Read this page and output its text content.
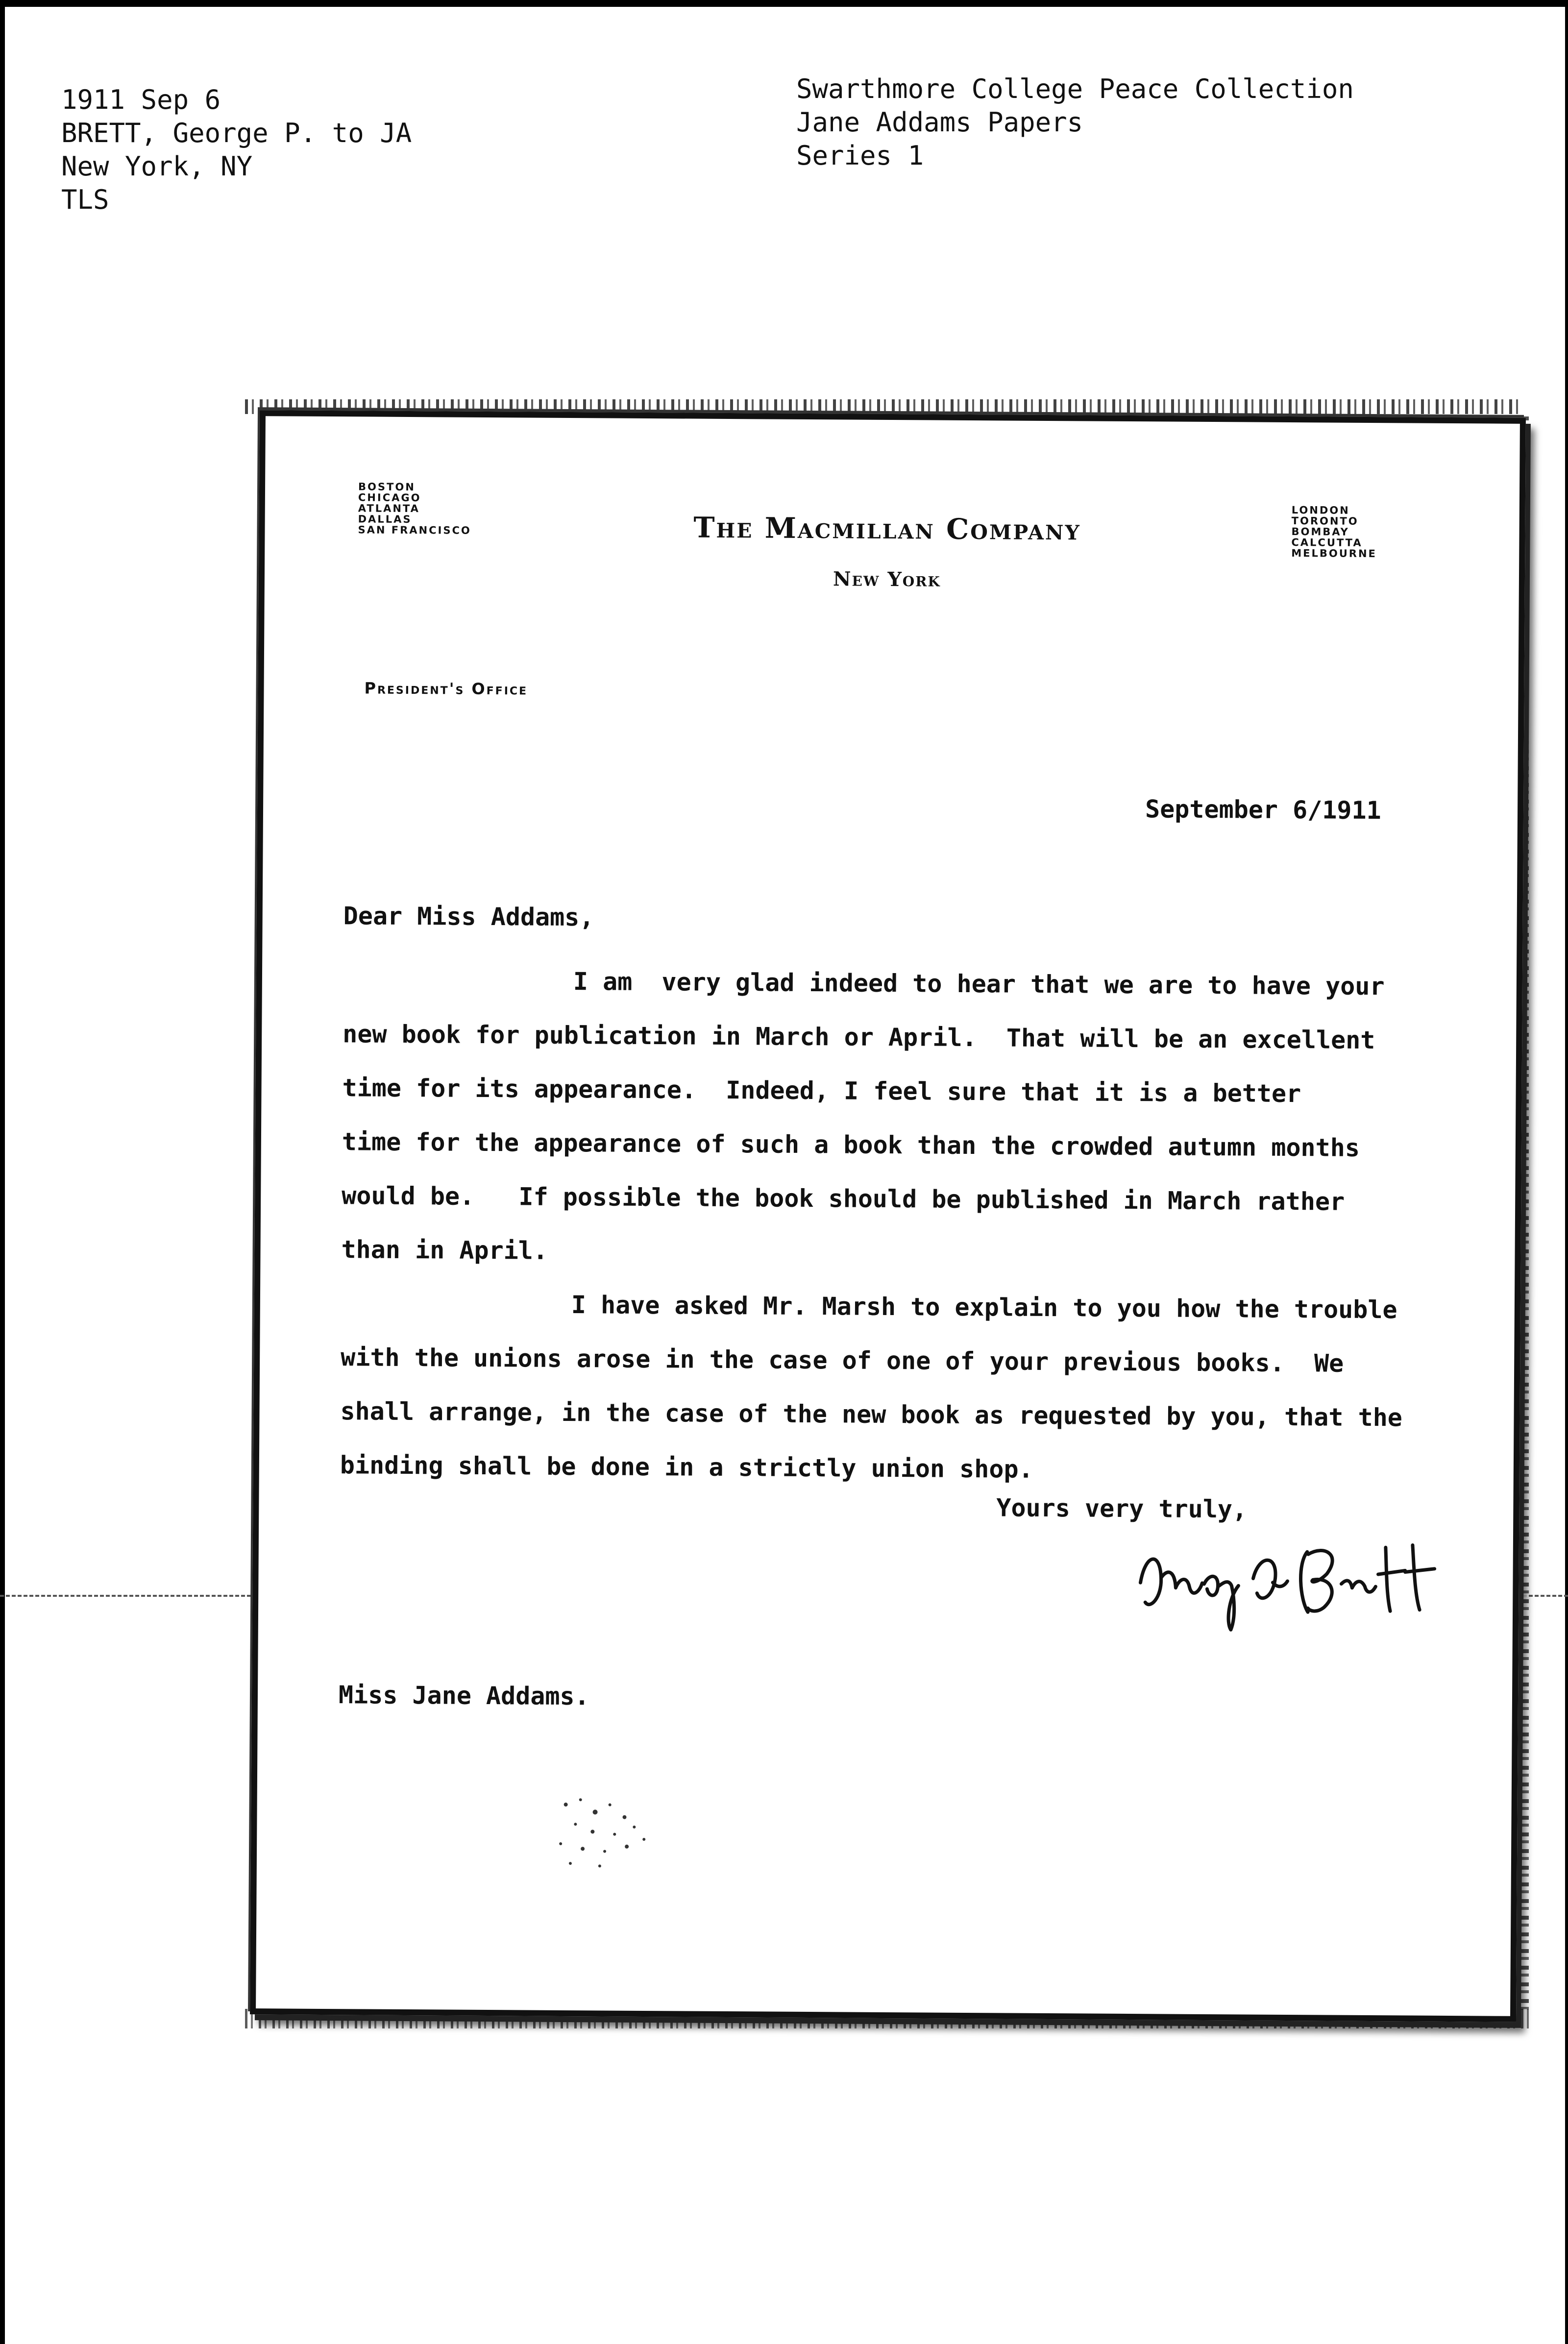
1911 Sep 6
BRETT, George P. to JA
New York, NY
TLS
Swarthmore College Peace Collection
Jane Addams Papers
Series 1
BOSTON
CHICAGO
ATLANTA
DALLAS
SAN FRANCISCO	The Macmillan Company
New York
LONDON
TORONTO
BOMBAY
CALCUTTA
MELBOURNE
President's Office
September 6/1911
Dear Miss Addams,
I am  very glad indeed to hear that we are to have your
new book for publication in March or April.  That will be an excellent
time for its appearance.  Indeed, I feel sure that it is a better
time for the appearance of such a book than the crowded autumn months
would be.   If possible the book should be published in March rather
than in April.
I have asked Mr. Marsh to explain to you how the trouble
with the unions arose in the case of one of your previous books.  We
shall arrange, in the case of the new book as requested by you, that the
binding shall be done in a strictly union shop.
Yours very truly,
Miss Jane Addams.
